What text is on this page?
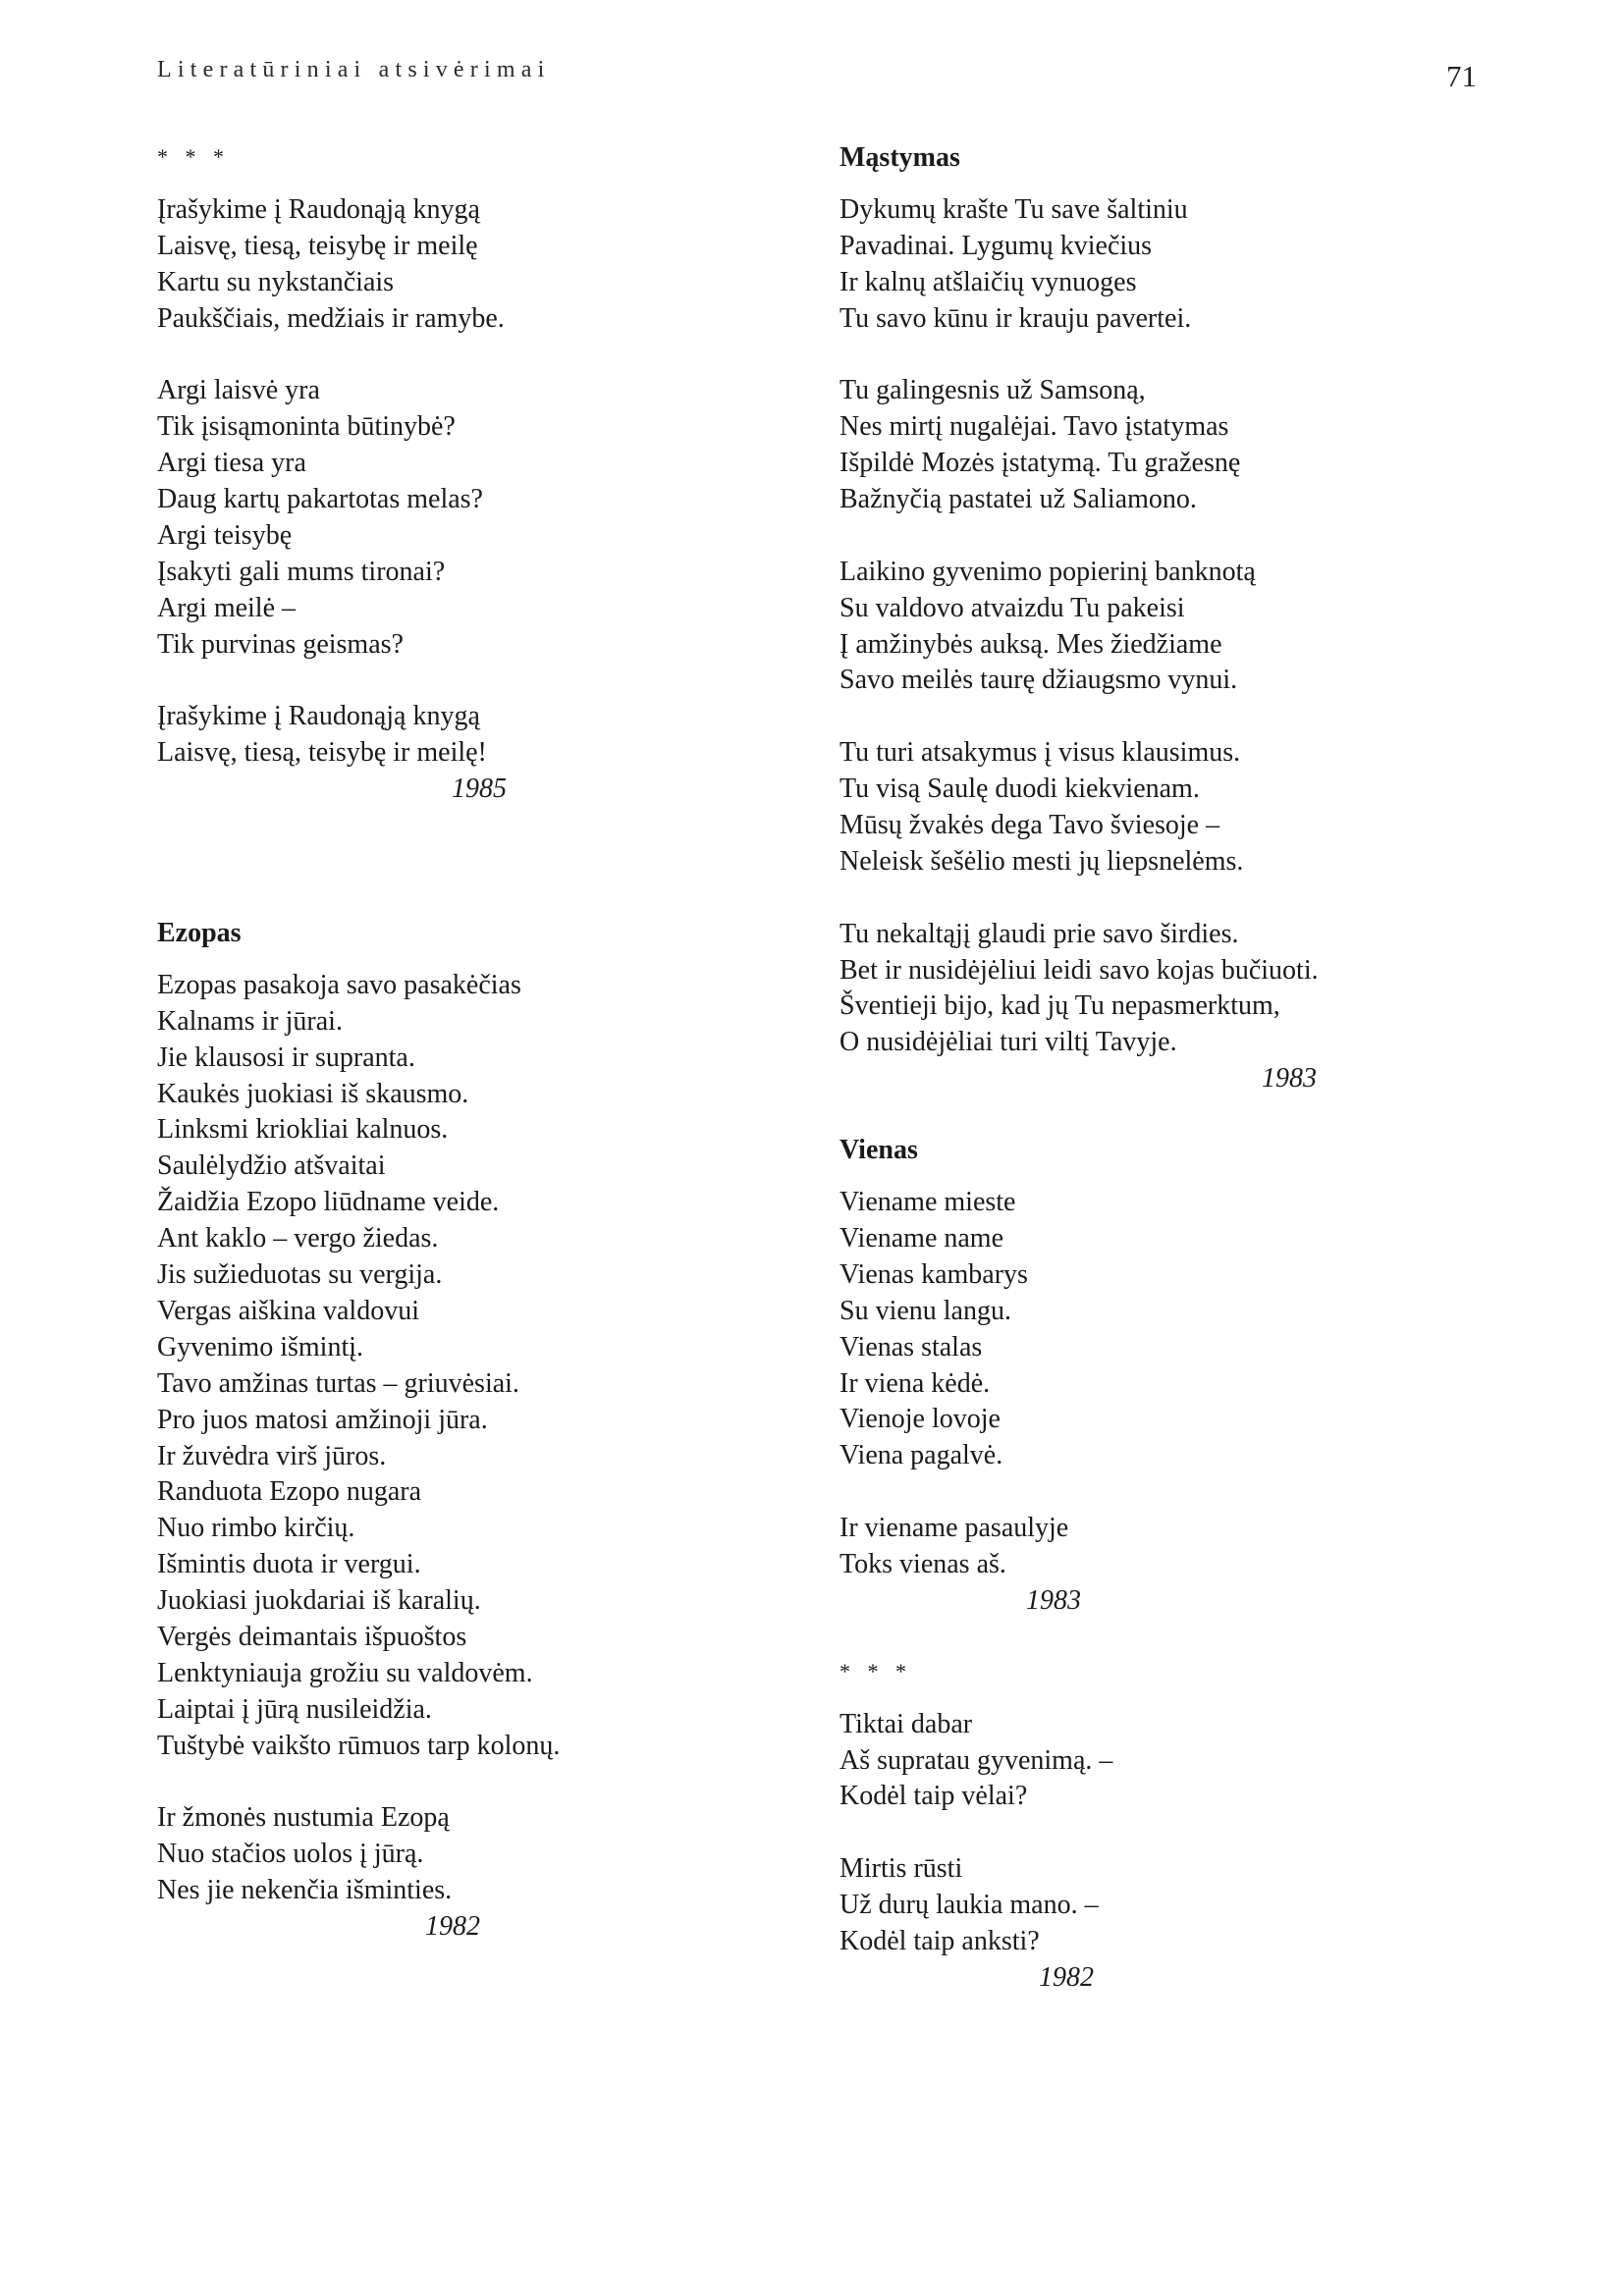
Literatūriniai atsivėrimai	71
* * *
Įrašykime į Raudonąją knygą
Laisvę, tiesą, teisybę ir meilę
Kartu su nykstančiais
Paukščiais, medžiais ir ramybe.
Argi laisvė yra
Tik įsisąmoninta būtinybė?
Argi tiesa yra
Daug kartų pakartotas melas?
Argi teisybę
Įsakyti gali mums tironai?
Argi meilė –
Tik purvinas geismas?
Įrašykime į Raudonąją knygą
Laisvę, tiesą, teisybę ir meilę!
1985
Ezopas
Ezopas pasakoja savo pasakėčias
Kalnams ir jūrai.
Jie klausosi ir supranta.
Kaukės juokiasi iš skausmo.
Linksmi kriokliai kalnuos.
Saulėlydžio atšvaitai
Žaidžia Ezopo liūdname veide.
Ant kaklo – vergo žiedas.
Jis sužieduotas su vergija.
Vergas aiškina valdovui
Gyvenimo išmintį.
Tavo amžinas turtas – griuvėsiai.
Pro juos matosi amžinoji jūra.
Ir žuvėdra virš jūros.
Randuota Ezopo nugara
Nuo rimbo kirčių.
Išmintis duota ir vergui.
Juokiasi juokdariai iš karalių.
Vergės deimantais išpuoštos
Lenktyniauja grožiu su valdovėm.
Laiptai į jūrą nusileidžia.
Tuštybė vaikšto rūmuos tarp kolonų.
Ir žmonės nustumia Ezopą
Nuo stačios uolos į jūrą.
Nes jie nekenčia išminties.
1982
Mąstymas
Dykumų krašte Tu save šaltiniu
Pavadinai. Lygumų kviečius
Ir kalnų atšlaičių vynuoges
Tu savo kūnu ir krauju pavertei.
Tu galingesnis už Samsoną,
Nes mirtį nugalėjai. Tavo įstatymas
Išpildė Mozės įstatymą. Tu gražesnę
Bažnyčią pastatei už Saliamono.
Laikino gyvenimo popierinį banknotą
Su valdovo atvaizdu Tu pakeisi
Į amžinybės auksą. Mes žiedžiame
Savo meilės taurę džiaugsmo vynui.
Tu turi atsakymus į visus klausimus.
Tu visą Saulę duodi kiekvienam.
Mūsų žvakės dega Tavo šviesoje –
Neleisk šešėlio mesti jų liepsnelėms.
Tu nekaltąjį glaudi prie savo širdies.
Bet ir nusidėjėliui leidi savo kojas bučiuoti.
Šventieji bijo, kad jų Tu nepasmerktum,
O nusidėjėliai turi viltį Tavyje.
1983
Vienas
Viename mieste
Viename name
Vienas kambarys
Su vienu langu.
Vienas stalas
Ir viena kėdė.
Vienoje lovoje
Viena pagalvė.
Ir viename pasaulyje
Toks vienas aš.
1983
* * *
Tiktai dabar
Aš supratau gyvenimą. –
Kodėl taip vėlai?
Mirtis rūsti
Už durų laukia mano. –
Kodėl taip anksti?
1982
